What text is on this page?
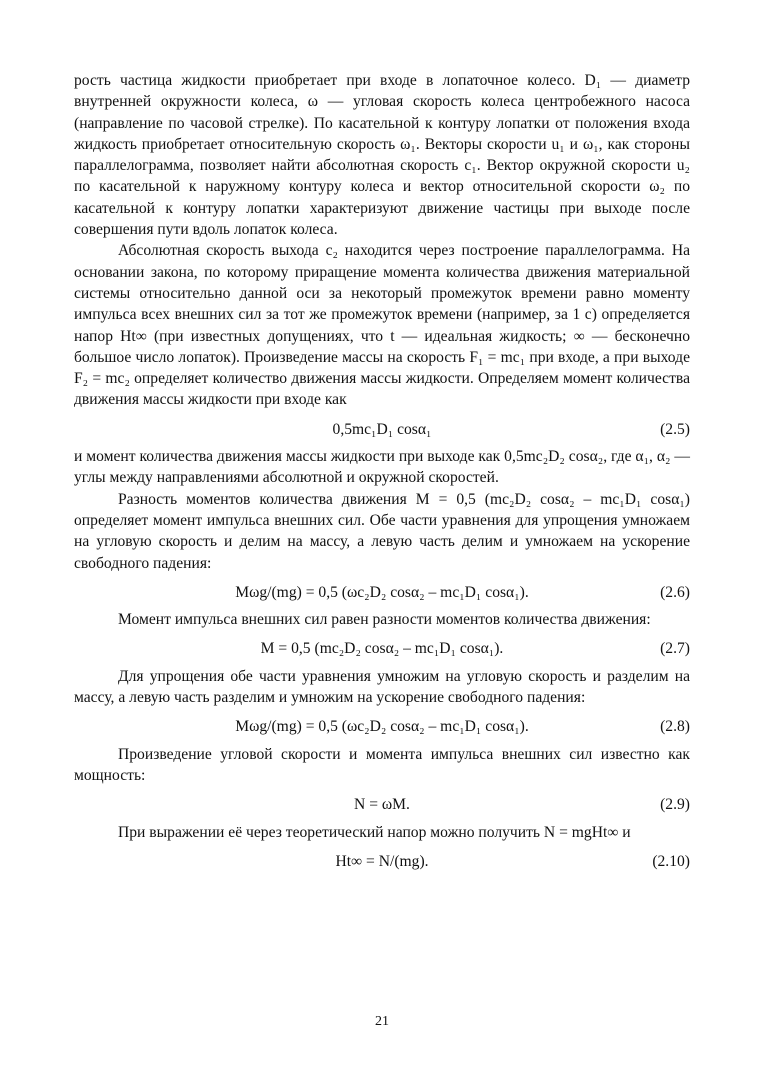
рость частица жидкости приобретает при входе в лопаточное колесо. D₁ — диаметр внутренней окружности колеса, ω — угловая скорость колеса центробежного насоса (направление по часовой стрелке). По касательной к контуру лопатки от положения входа жидкость приобретает относительную скорость ω₁. Векторы скорости u₁ и ω₁, как стороны параллелограмма, позволяет найти абсолютная скорость c₁. Вектор окружной скорости u₂ по касательной к наружному контуру колеса и вектор относительной скорости ω₂ по касательной к контуру лопатки характеризуют движение частицы при выходе после совершения пути вдоль лопаток колеса.

Абсолютная скорость выхода c₂ находится через построение параллелограмма. На основании закона, по которому приращение момента количества движения материальной системы относительно данной оси за некоторый промежуток времени равно моменту импульса всех внешних сил за тот же промежуток времени (например, за 1 с) определяется напор Ht∞ (при известных допущениях, что t — идеальная жидкость; ∞ — бесконечно большое число лопаток). Произведение массы на скорость F₁ = mc₁ при входе, а при выходе F₂ = mc₂ определяет количество движения массы жидкости. Определяем момент количества движения массы жидкости при входе как

0,5mc₁D₁ cosα₁	(2.5)

и момент количества движения массы жидкости при выходе как 0,5mc₂D₂ cosα₂, где α₁, α₂ — углы между направлениями абсолютной и окружной скоростей.

Разность моментов количества движения M = 0,5 (mc₂D₂ cosα₂ – mc₁D₁ cosα₁) определяет момент импульса внешних сил. Обе части уравнения для упрощения умножаем на угловую скорость и делим на массу, а левую часть делим и умножаем на ускорение свободного падения:

Mωg/(mg) = 0,5 (ωc₂D₂ cosα₂ – mc₁D₁ cosα₁).	(2.6)

Момент импульса внешних сил равен разности моментов количества движения:

M = 0,5 (mc₂D₂ cosα₂ – mc₁D₁ cosα₁).	(2.7)

Для упрощения обе части уравнения умножим на угловую скорость и разделим на массу, а левую часть разделим и умножим на ускорение свободного падения:

Mωg/(mg) = 0,5 (ωc₂D₂ cosα₂ – mc₁D₁ cosα₁).	(2.8)

Произведение угловой скорости и момента импульса внешних сил известно как мощность:

N = ωM.	(2.9)

При выражении её через теоретический напор можно получить N = mgHt∞ и

Ht∞ = N/(mg).	(2.10)
21
